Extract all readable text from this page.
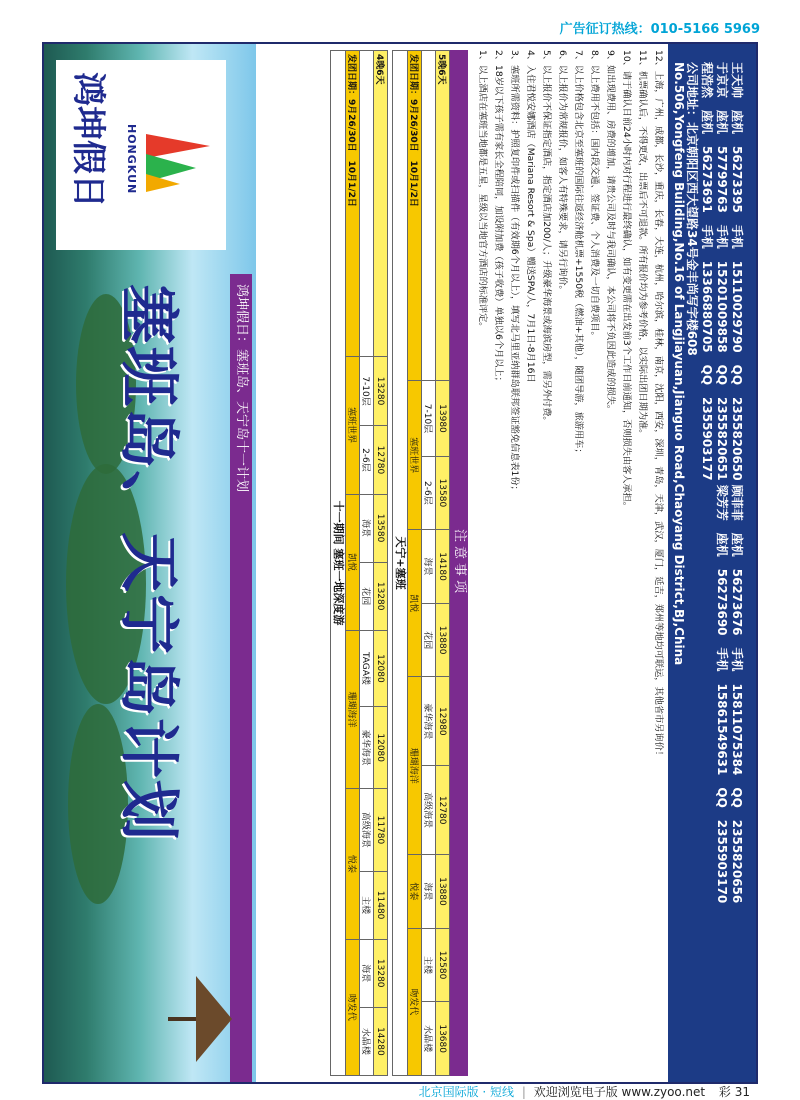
广告征订热线：010-5166 5969
王天帅　座机　56273395　手机　15110029790　QQ　2355820650 顾菲菲　座机　56273676　手机　15811075384　QQ　2355820656
于京京　座机　57799763　手机　15201009858　QQ　2355820651 梁芳芳　座机　56273690　手机　15861549631　QQ　2355903170
程浩然　座机　56273691　手机　13366880705　QQ　2355903177
公司地址：北京朝阳区西大望路34号金丰尚写字楼608
No.506,Yongfeng Building,No.16 of Langjiayuan,Jianguo Road,Chaoyang District,BJ,China
12、上海，广州，成都，长沙，重庆，长春，大连，杭州，哈尔滨，桂林，南京，沈阳，西安，深圳，青岛，天津，武汉，厦门，延吉，郑州等地均可联运，其他省市另询价！
11、机票确认后，不得更改，出票后不可退款。所有报价均为参考价格，以实际出团日期为准。
10、请于确认日前24小时内对行程进行最终确认，如有变更需在出发前3个工作日前通知，否则损失由客人承担。
9、如出现费用、房费的增加，请贵公司及时与我司确认，本公司将不负因此造成的损失。
8、以上费用不包括：国内段交通、签证费、个人消费及一切自费项目。
7、以上价格包含北京至塞班的国际往返经济舱机票+1550税（燃油+其他），随团导游，旅游用车；
6、以上报价为常规报价，如客人有特殊要求，请另行询价。
5、以上报价不保证指定酒店，指定酒店加200/人；升级豪华海景或海滨房型，需另外付费。
4、入住君悦安娜酒店（Mariana Resort & Spa）赠送SPA/人，7月1日-8月16日
3、塞班所需资料：护照复印件或扫描件（有效期6个月以上），填写北马里亚纳群岛联邦签证豁免信息表1份；
2、18岁以下孩子需有家长全程陪同，加设附加费（孩子收费）单独以6个月以上；
1、以上酒店在塞班当地都是五星，星级以当地官方酒店的标准评定。
注意事项
5晚6天	13980	13580	14180	13880	12980	12780	13880	12580	13680
	7-10层	2-6层	海景	花园	豪华海景	高级海景	海景	主楼	水晶楼
发团日期：9月26/30日　10月1/2日	塞班世界		凯悦		珊瑚海洋		悦泰	吻发代	
天宁+塞班									
4晚6天	13280	12780	13580	13280	12080	12080	11780	11480	13280	14280
	7-10层	2-6层	海景	花园	TAGA楼	豪华海景	高级海景	主楼	海景	水晶楼
发团日期：9月26/30日　10月1/2日	塞班世界		凯悦		珊瑚海洋		悦泰		吻发代	
十一期间 塞班一地深度游										
鸿坤假日：塞班岛、天宁岛十一计划
塞班岛、天宁岛计划
HONGKUN
鸿坤假日
北京国际版 · 短线 | 欢迎浏览电子版 www.zyoo.net 彩 31
